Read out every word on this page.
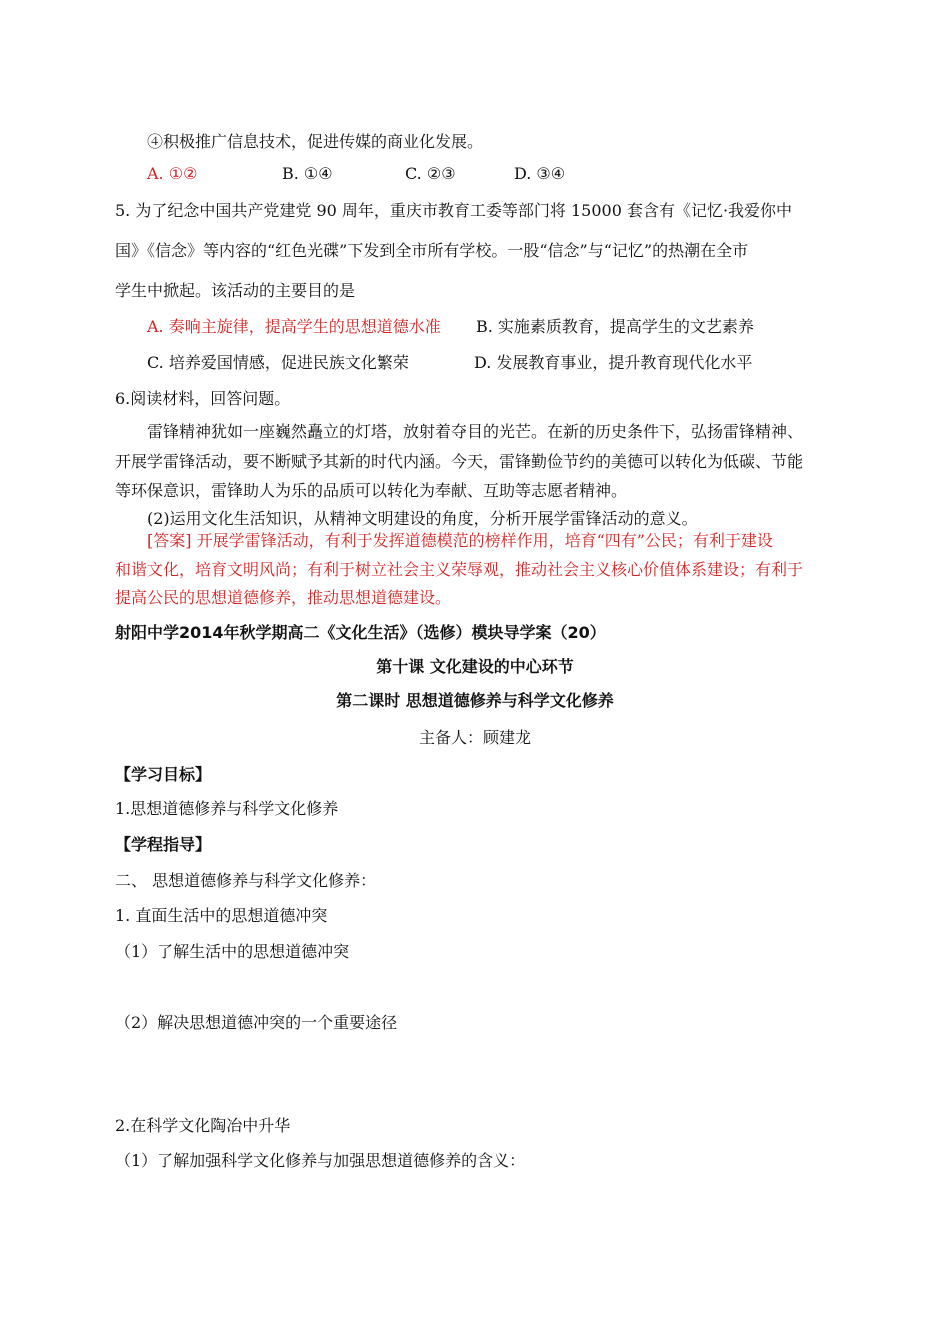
④积极推广信息技术，促进传媒的商业化发展。
A. ①②	B. ①④	C. ②③	D. ③④
5. 为了纪念中国共产党建党 90 周年，重庆市教育工委等部门将 15000 套含有《记忆·我爱你中
国》《信念》等内容的“红色光碟”下发到全市所有学校。一股“信念”与“记忆”的热潮在全市
学生中掀起。该活动的主要目的是
A. 奏响主旋律，提高学生的思想道德水准 B. 实施素质教育，提高学生的文艺素养
C. 培养爱国情感，促进民族文化繁荣	D. 发展教育事业，提升教育现代化水平
6.阅读材料，回答问题。
雷锋精神犹如一座巍然矗立的灯塔，放射着夺目的光芒。在新的历史条件下，弘扬雷锋精神、
开展学雷锋活动，要不断赋予其新的时代内涵。今天，雷锋勤俭节约的美德可以转化为低碳、节能
等环保意识，雷锋助人为乐的品质可以转化为奉献、互助等志愿者精神。
(2)运用文化生活知识，从精神文明建设的角度，分析开展学雷锋活动的意义。
[答案] 开展学雷锋活动，有利于发挥道德模范的榜样作用，培育“四有”公民；有利于建设
和谐文化，培育文明风尚；有利于树立社会主义荣辱观，推动社会主义核心价值体系建设；有利于
提高公民的思想道德修养，推动思想道德建设。
射阳中学2014年秋学期高二《文化生活》（选修）模块导学案（20）
第十课 文化建设的中心环节
第二课时 思想道德修养与科学文化修养
主备人：顾建龙
【学习目标】
1.思想道德修养与科学文化修养
【学程指导】
二、 思想道德修养与科学文化修养：
1. 直面生活中的思想道德冲突
（1）了解生活中的思想道德冲突
（2）解决思想道德冲突的一个重要途径
2.在科学文化陶冶中升华
（1）了解加强科学文化修养与加强思想道德修养的含义：
